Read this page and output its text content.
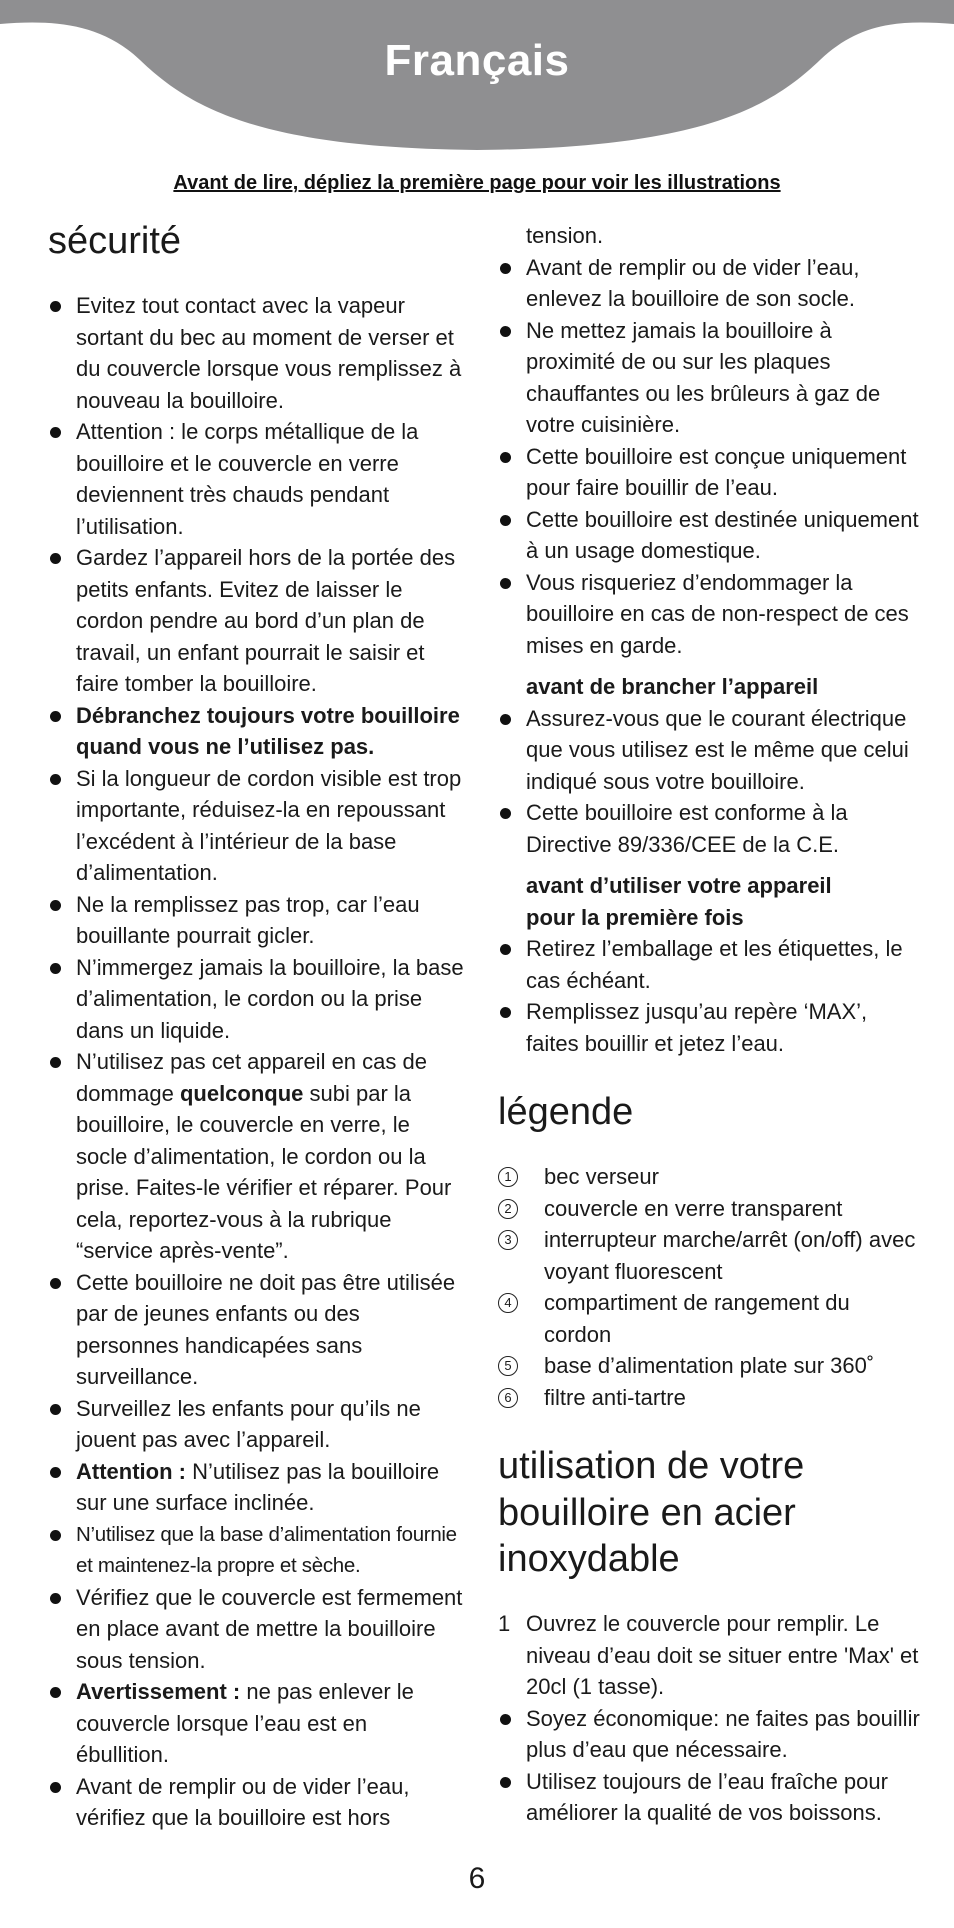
Français
Avant de lire, dépliez la première page pour voir les illustrations
sécurité
Evitez tout contact avec la vapeur sortant du bec au moment de verser et du couvercle lorsque vous remplissez à nouveau la bouilloire.
Attention : le corps métallique de la bouilloire et le couvercle en verre deviennent très chauds pendant l’utilisation.
Gardez l’appareil hors de la portée des petits enfants. Evitez de laisser le cordon pendre au bord d’un plan de travail, un enfant pourrait le saisir et faire tomber la bouilloire.
Débranchez toujours votre bouilloire quand vous ne l’utilisez pas.
Si la longueur de cordon visible est trop importante, réduisez-la en repoussant l’excédent à l’intérieur de la base d’alimentation.
Ne la remplissez pas trop, car l’eau bouillante pourrait gicler.
N’immergez jamais la bouilloire, la base d’alimentation, le cordon ou la prise dans un liquide.
N’utilisez pas cet appareil en cas de dommage quelconque subi par la bouilloire, le couvercle en verre, le socle d’alimentation, le cordon ou la prise. Faites-le vérifier et réparer. Pour cela, reportez-vous à la rubrique “service après-vente”.
Cette bouilloire ne doit pas être utilisée par de jeunes enfants ou des personnes handicapées sans surveillance.
Surveillez les enfants pour qu’ils ne jouent pas avec l’appareil.
Attention : N’utilisez pas la bouilloire sur une surface inclinée.
N’utilisez que la base d’alimentation fournie et maintenez-la propre et sèche.
Vérifiez que le couvercle est fermement en place avant de mettre la bouilloire sous tension.
Avertissement : ne pas enlever le couvercle lorsque l’eau est en ébullition.
Avant de remplir ou de vider l’eau, vérifiez que la bouilloire est hors
tension.
Avant de remplir ou de vider l’eau, enlevez la bouilloire de son socle.
Ne mettez jamais la bouilloire à proximité de ou sur les plaques chauffantes ou les brûleurs à gaz de votre cuisinière.
Cette bouilloire est conçue uniquement pour faire bouillir de l’eau.
Cette bouilloire est destinée uniquement à un usage domestique.
Vous risqueriez d’endommager la bouilloire en cas de non-respect de ces mises en garde.
avant de brancher l’appareil
Assurez-vous que le courant électrique que vous utilisez est le même que celui indiqué sous votre bouilloire.
Cette bouilloire est conforme à la Directive 89/336/CEE de la C.E.
avant d’utiliser votre appareil
pour la première fois
Retirez l’emballage et les étiquettes, le cas échéant.
Remplissez jusqu’au repère ‘MAX’, faites bouillir et jetez l’eau.
légende
1 bec verseur
2 couvercle en verre transparent
3 interrupteur marche/arrêt (on/off) avec voyant fluorescent
4 compartiment de rangement du cordon
5 base d’alimentation plate sur 360˚
6 filtre anti-tartre
utilisation de votre
bouilloire en acier
inoxydable
1 Ouvrez le couvercle pour remplir. Le niveau d’eau doit se situer entre 'Max' et 20cl (1 tasse).
Soyez économique: ne faites pas bouillir plus d’eau que nécessaire.
Utilisez toujours de l’eau fraîche pour améliorer la qualité de vos boissons.
6
